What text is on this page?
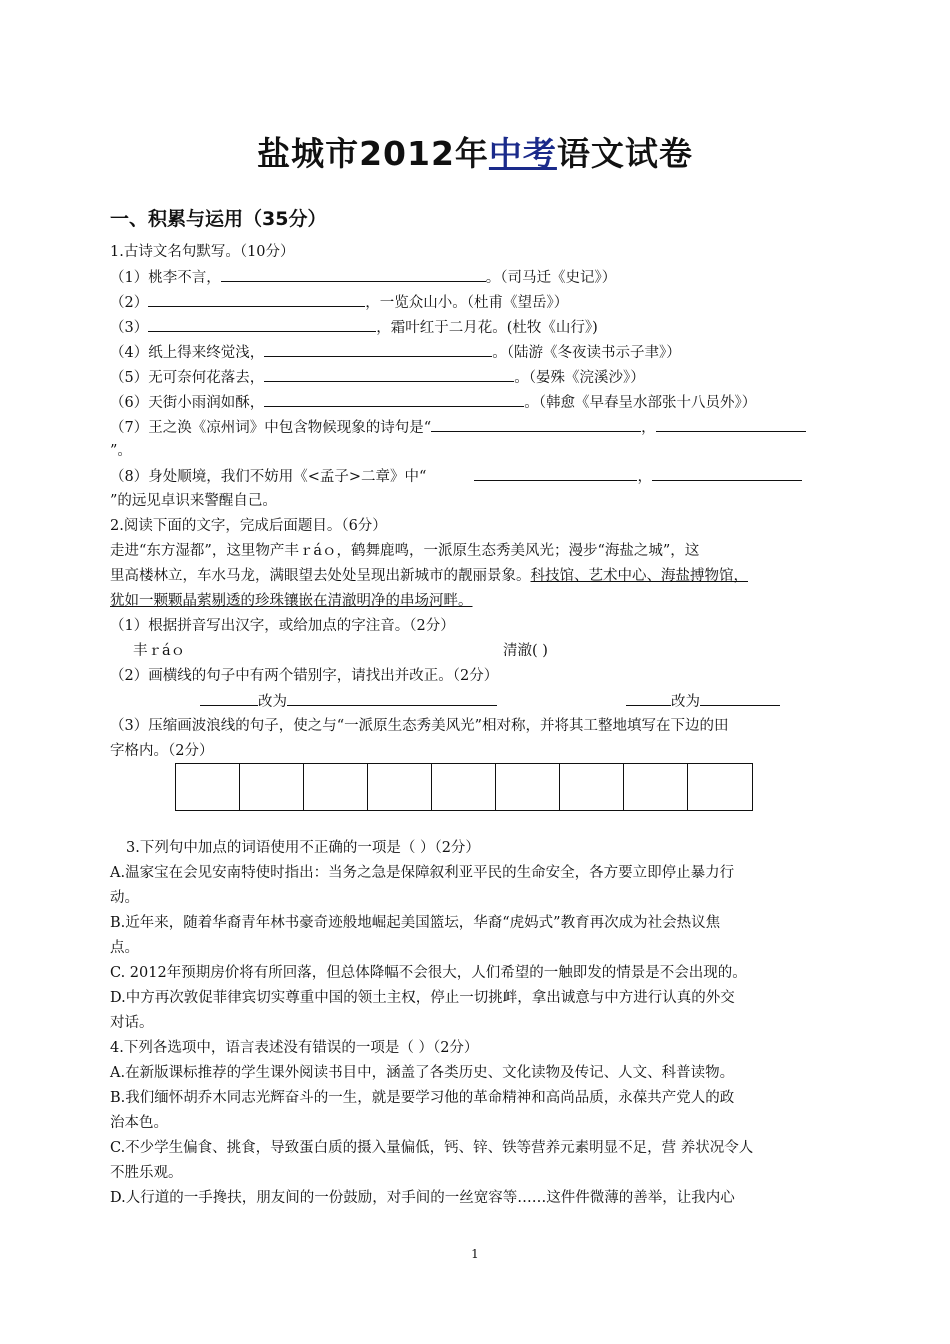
盐城市2012年中考语文试卷
一、积累与运用（35分）
1.古诗文名句默写。（10分）
（1）桃李不言，	。（司马迁《史记》）
（2）	，一览众山小。（杜甫《望岳》）
（3）	，霜叶红于二月花。(杜牧《山行》)
（4）纸上得来终觉浅，	。（陆游《冬夜读书示子聿》）
（5）无可奈何花落去，	。（晏殊《浣溪沙》）
（6）天街小雨润如酥，	。（韩愈《早春呈水部张十八员外》）
（7）王之涣《凉州词》中包含物候现象的诗句是“	，
”。
（8）身处顺境，我们不妨用《<孟子>二章》中“	，
”的远见卓识来警醒自己。
2.阅读下面的文字，完成后面题目。（6分）
走进“东方湿都”，这里物产丰ｒáｏ，鹤舞鹿鸣，一派原生态秀美风光；漫步“海盐之城”，这
里高楼林立，车水马龙，满眼望去处处呈现出新城市的靓丽景象。科技馆、艺术中心、海盐搏物馆，
犹如一颗颗晶萦剔透的珍珠镶嵌在清澈明净的串场河畔。
（1）根据拼音写出汉字，或给加点的字注音。（2分）
丰ｒáｏ	清澈( )
（2）画横线的句子中有两个错别字，请找出并改正。（2分）
改为	改为
（3）压缩画波浪线的句子，使之与“一派原生态秀美风光”相对称，并将其工整地填写在下边的田
字格内。（2分）
3.下列句中加点的词语使用不正确的一项是（ ）（2分）
A.温家宝在会见安南特使时指出：当务之急是保障叙利亚平民的生命安全，各方要立即停止暴力行
动。
B.近年来，随着华裔青年林书豪奇迹般地崛起美国篮坛，华裔“虎妈式”教育再次成为社会热议焦
点。
C. 2012年预期房价将有所回落，但总体降幅不会很大，人们希望的一触即发的情景是不会出现的。
D.中方再次敦促菲律宾切实尊重中国的领土主权，停止一切挑衅，拿出诚意与中方进行认真的外交
对话。
4.下列各选项中，语言表述没有错误的一项是（ ）（2分）
A.在新版课标推荐的学生课外阅读书目中，涵盖了各类历史、文化读物及传记、人文、科普读物。
B.我们缅怀胡乔木同志光辉奋斗的一生，就是要学习他的革命精神和高尚品质，永葆共产党人的政
治本色。
C.不少学生偏食、挑食，导致蛋白质的摄入量偏低，钙、锌、铁等营养元素明显不足，营 养状况令人
不胜乐观。
D.人行道的一手搀扶，朋友间的一份鼓励，对手间的一丝宽容等……这件件微薄的善举，让我内心
1
